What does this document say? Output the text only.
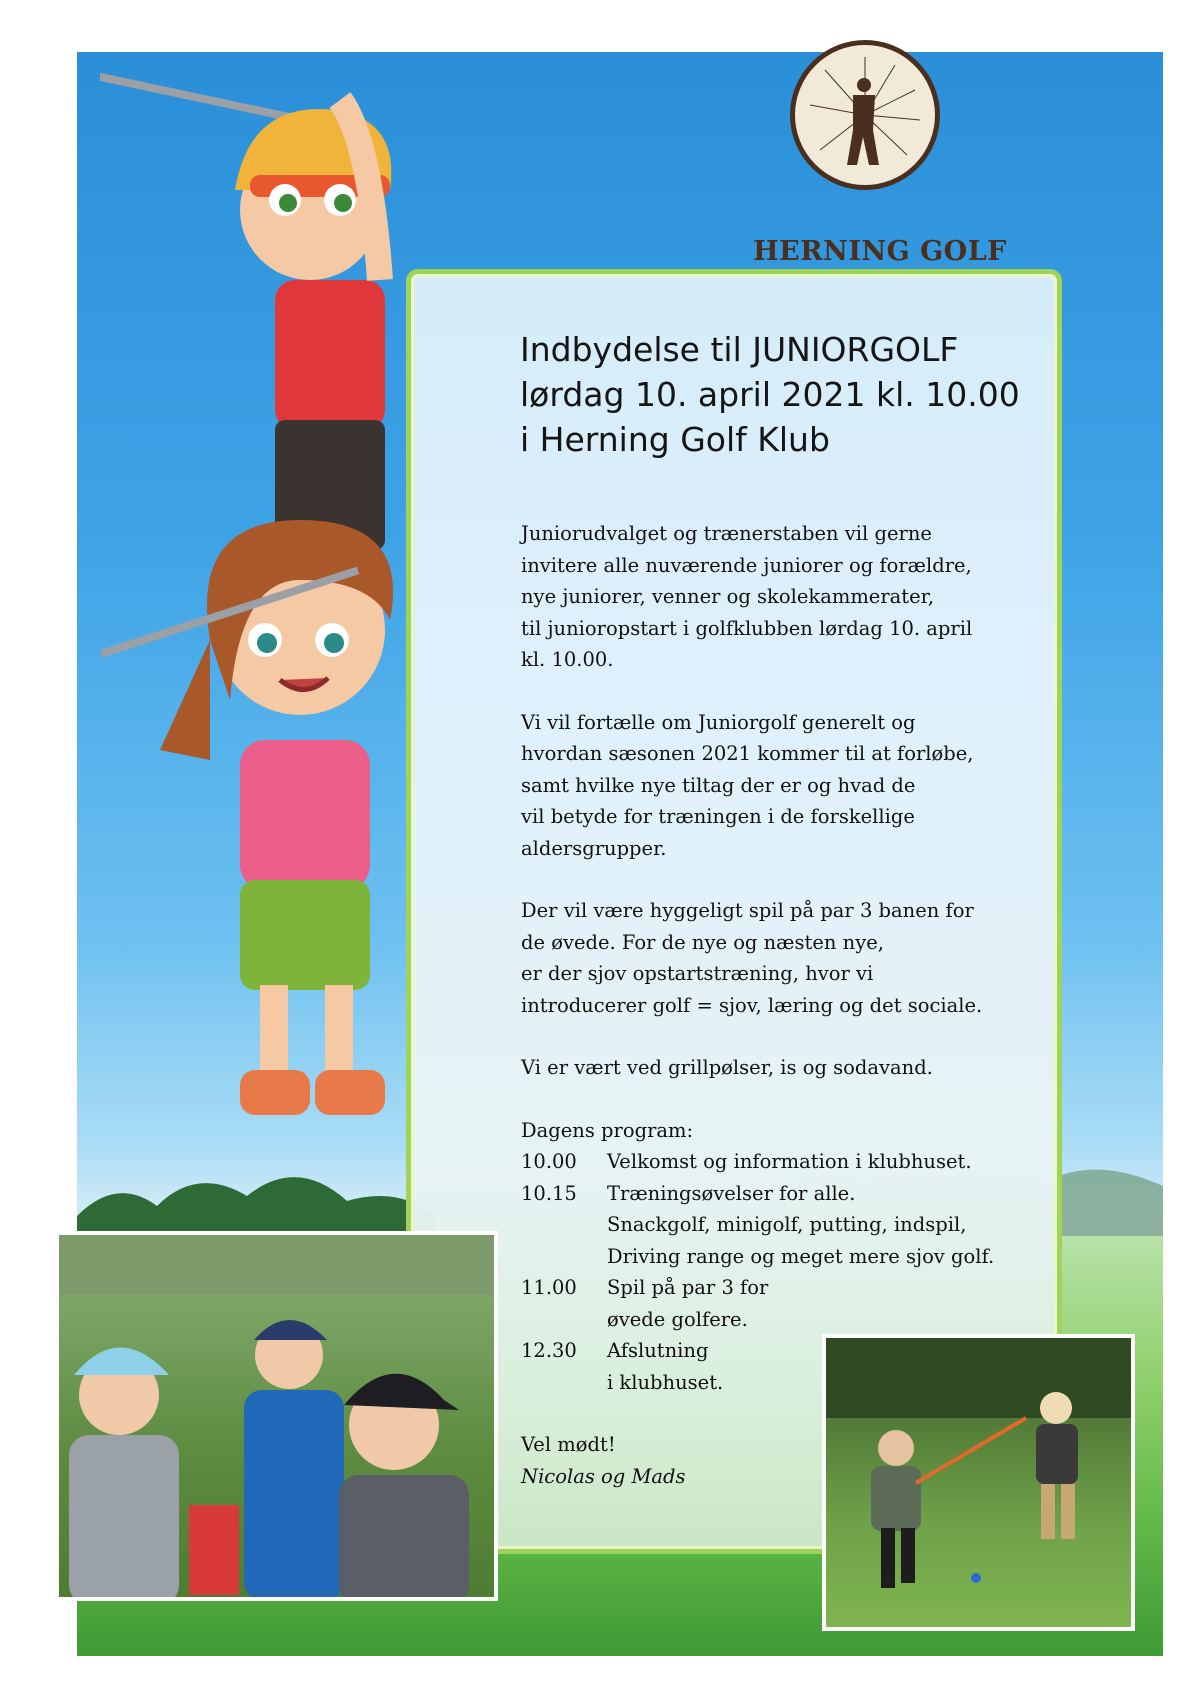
HERNING GOLF
Indbydelse til JUNIORGOLF
lørdag 10. april 2021 kl. 10.00
i Herning Golf Klub

Juniorudvalget og trænerstaben vil gerne
invitere alle nuværende juniorer og forældre,
nye juniorer, venner og skolekammerater,
til junioropstart i golfklubben lørdag 10. april
kl. 10.00.

Vi vil fortælle om Juniorgolf generelt og
hvordan sæsonen 2021 kommer til at forløbe,
samt hvilke nye tiltag der er og hvad de
vil betyde for træningen i de forskellige
aldersgrupper.

Der vil være hyggeligt spil på par 3 banen for
de øvede. For de nye og næsten nye,
er der sjov opstartstræning, hvor vi
introducerer golf = sjov, læring og det sociale.

Vi er vært ved grillpølser, is og sodavand.

Dagens program:
10.00	Velkomst og information i klubhuset.
10.15	Træningsøvelser for alle.
Snackgolf, minigolf, putting, indspil,
Driving range og meget mere sjov golf.
11.00	Spil på par 3 for
øvede golfere.
12.30	Afslutning
i klubhuset.
Vel mødt!
Nicolas og Mads
